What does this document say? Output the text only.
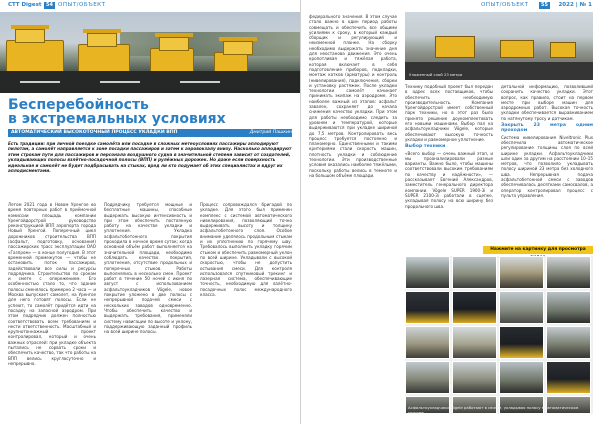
СТТ Digest 54 ОПЫТ/ОБЪЕКТ
Бесперебойность
в экстремальных условиях
АВТОМАТИЧЕСКИЙ ВЫСОКОТОЧНЫЙ ПРОЦЕСС УКЛАДКИ ВПП	Дмитрий Пашкин

Есть традиции: при личной поездке самолёта или посадке в сложных метеоусловиях пассажиры аплодируют пилотам, а самолёт направляется к зоне посадки пассажиров и затем к аэровокзалу внизу. Насколько аплодируют этим строкам пути для пассажиров и персонала воздушного судна в значительной степени зависит от создателей, укладывающих полосы взлётно-посадочной полосы (ВПП) и рулёжных дорожек. Но даже если поверхность идеальная и самолёт не будет подбрасывать на стыках, вряд ли кто подумает об этих специалистах и вдруг их аплодисментами.

Летом 2021 года в Новом Уренгое во время повторных работ в приёмочной комиссии площадь компании Уренгойдорстрой руководство реконструкцией ВПП аэропорта города Новый Уренгой. Поперечный цикл дорожников строительства ВПП (асфальт, подготовку, основания) пассажирских трасс эксплуатации ОАО «Газпром» — в конце полугодия. В этот временной промежуток — чтобы не остановить поток пассажиров, задействовали все силы и ресурсы подрядчика. Строительство по срокам и смете с опережением. Его особенностью стало то, что здание полосы сменялось примерно 2 часа — и Москва выпускает самолет, на Уренгое для него готовят полосы. Если не успеют, то самолёт придётся идти на посадку на запасной аэродром. При этом подрядчик должен полностью соответствовать всем требованиям и нести ответственность. Масштабный и крупнотоннажный проект контролировал, который и очень важных отраслей: при укладке объекта пытались не сорвать сроки и обеспечить качество, так что работы на ВПП велись круглосуточно и непрерывно.

Подрядчику требуется мощные и бесплатные машины, способные выдержать высокую интенсивность и при этом обеспечить постоянную работу на качестве укладки и уплотнения. Укладка асфальтобетонного покрытия проходила в ночное время суток; когда основной объём работ выполняется на значительной площади, необходимо соблюдать качество покрытия, уплотнения, отсутствие продольных и поперечных стыков. Работы выполнялись в несколько смен. Проект работ в течение 50 ночей с июня по август с использованием асфальтоукладчиков Vögele, новое покрытие уложено в две полосы с непрерывной подачей смеси с нескольких заводов одновременно. Чтобы обеспечить качество и выдержать требования, применяли систему навигации по высоте и уклону, поддерживающую заданный профиль на всей ширине полосы.

Процесс сопровождался бригадой по укладке. Для этого был применен комплекс с системой автоматического нивелирования, позволяющий точно выдерживать высоту и толщину асфальтобетонного слоя. Особое внимание уделялось продольным стыкам и их уплотнению по горячему шву. Требовалось выполнить укладку горячим стыком и обеспечить равномерный уклон по всей ширине. Укладывали с высокой скоростью, чтобы не допустить остывания смеси. Для контроля использовался спутниковый трекинг и лазерная система, обеспечивающие точность, необходимую для взлётно-посадочных полос международного класса.

ОПЫТ/ОБЪЕКТ	55	2022 | № 1

федерального значения. В этом случае стало важно в один период работы совмещать и обеспечить все общими усилиями к сроку, в который каждый сборщик и регулирующий и неизменной планке. На сборку необходимо выдержать значение дня для неостанова движения. Это очень кропотливая и тяжёлая работа, которая включает в себя подготовление приборов, подкладки, монтаж катков (арматуры) и контроль (нивелирования), подключения, сборки и установку растяжек. После укладки технологии самолёт начинает принимать экипаж на аэродроме. Это наиболее важный из этапов: асфальт завален, сохраняет до начала снижения качество укладки. При этом для работы необходимо следить за уровнем и температурой, которые выдерживаются при укладке шириной до 7,5 метров. Контролировать весь процесс требуется постоянно и планомерно. Единственными и такими критериями стали скорость машин, плотность укладки и соблюдение технологии. Эти производственные условия оказались наиболее тяжёлыми, поскольку работы велись в темноте и на большом объёме площади.

Уложенный слой 23 метра
Технику подобный проект был передан в адрес всех поставщиков, чтобы обеспечить необходимую производительность. Компания Уренгойдорстрой имеет собственный парк техники, но в этот раз было принято решение доукомплектовать его новыми машинами. Выбор пал на асфальтоукладчики Vögele, которые обеспечивают высокую точность укладки и равномерное уплотнение.
Выбор техники
«Всего выбор — очень важный этап, и мы проанализировали разные варианты. Важно было, чтобы машины соответствовали высоким требованиям по качеству и надёжности», — рассказывает Евгений Александров, заместитель генерального директора компании. Vögele SUPER 1900-3i и SUPER 2100-3i работали в сцепке, укладывая полосу на всю ширину без продольного шва.
детальной информацию, позволившей сохранить качество укладки. Этот вопрос, как правило, стоит на первом месте при выборе машин для аэродромных работ. Высокая точность укладки обеспечивается выравниванием по натянутому тросу и датчикам.
Закрыть 23 метра одним проходом
Система нивелирования Niveltronic Plus обеспечила автоматическое регулирование толщины слоя по всей ширине укладки. Асфальтоукладчики шли один за другим на расстоянии 10–15 метров, что позволило укладывать полосу шириной 23 метра без холодного шва. Непрерывная подача асфальтобетонной смеси с заводов обеспечивалась десятками самосвалов, а оператор контролировал процесс с пульта управления.
Нажмите на картинку для просмотра
Асфальтоукладчики Vögele работают в связке, укладывая полосу в автоматическом режиме
